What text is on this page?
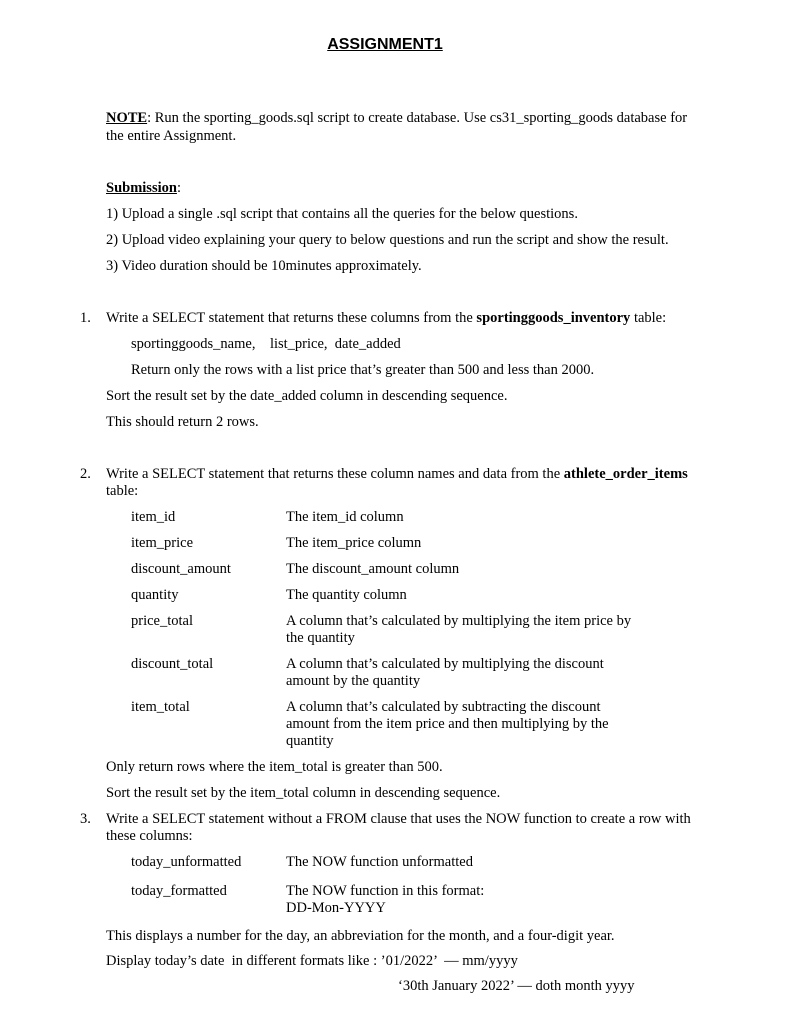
ASSIGNMENT1
NOTE: Run the sporting_goods.sql script to create database. Use cs31_sporting_goods database for
the entire Assignment.
Submission:
1) Upload a single .sql script that contains all the queries for the below questions.
2) Upload video explaining your query to below questions and run the script and show the result.
3) Video duration should be 10minutes approximately.
1. Write a SELECT statement that returns these columns from the sportinggoods_inventory table:
sportinggoods_name,    list_price,  date_added
Return only the rows with a list price that’s greater than 500 and less than 2000.
Sort the result set by the date_added column in descending sequence.
This should return 2 rows.
2. Write a SELECT statement that returns these column names and data from the athlete_order_items
table:
item_id	The item_id column
item_price	The item_price column
discount_amount	The discount_amount column
quantity	The quantity column
price_total	A column that’s calculated by multiplying the item price by
the quantity
discount_total	A column that’s calculated by multiplying the discount
amount by the quantity
item_total	A column that’s calculated by subtracting the discount
amount from the item price and then multiplying by the
quantity
Only return rows where the item_total is greater than 500.
Sort the result set by the item_total column in descending sequence.
3. Write a SELECT statement without a FROM clause that uses the NOW function to create a row with
these columns:
today_unformatted	The NOW function unformatted
today_formatted	The NOW function in this format:
DD-Mon-YYYY
This displays a number for the day, an abbreviation for the month, and a four-digit year.
Display today’s date  in different formats like : ’01/2022’  — mm/yyyy
‘30th January 2022’ — doth month yyyy
